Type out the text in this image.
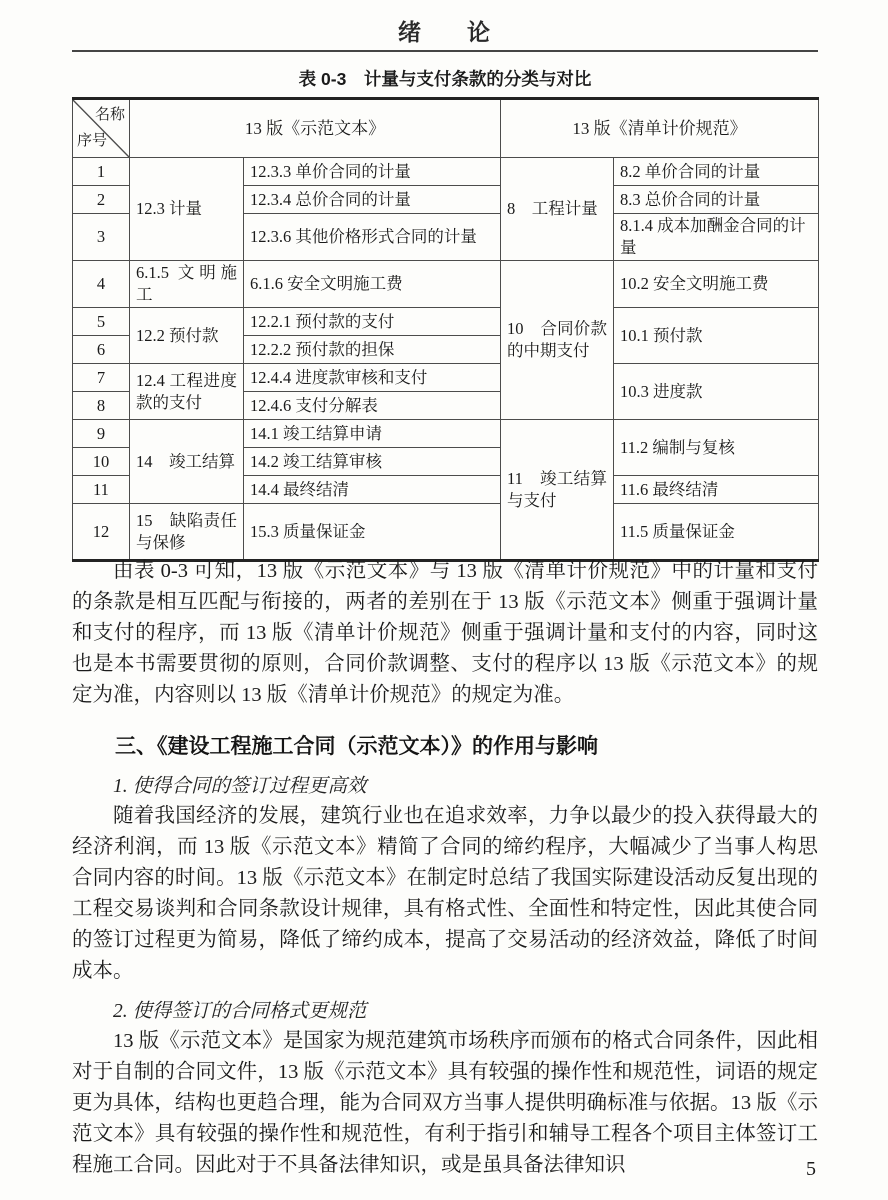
绪　　论
表 0-3　计量与支付条款的分类与对比
名称
序号	13 版《示范文本》		13 版《清单计价规范》	
1	12.3 计量	12.3.3 单价合同的计量	8　工程计量	8.2 单价合同的计量
2		12.3.4 总价合同的计量		8.3 总价合同的计量
3		12.3.6 其他价格形式合同的计量		8.1.4 成本加酬金合同的计量
4	6.1.5 文明施工	6.1.6 安全文明施工费	10　合同价款的中期支付	10.2 安全文明施工费
5	12.2 预付款	12.2.1 预付款的支付		10.1 预付款
6		12.2.2 预付款的担保		
7	12.4 工程进度款的支付	12.4.4 进度款审核和支付		10.3 进度款
8		12.4.6 支付分解表		
9	14　竣工结算	14.1 竣工结算申请	11　竣工结算与支付	11.2 编制与复核
10		14.2 竣工结算审核		
11		14.4 最终结清		11.6 最终结清
12	15　缺陷责任与保修	15.3 质量保证金		11.5 质量保证金

由表 0-3 可知，13 版《示范文本》与 13 版《清单计价规范》中的计量和支付的条款是相互匹配与衔接的，两者的差别在于 13 版《示范文本》侧重于强调计量和支付的程序，而 13 版《清单计价规范》侧重于强调计量和支付的内容，同时这也是本书需要贯彻的原则，合同价款调整、支付的程序以 13 版《示范文本》的规定为准，内容则以 13 版《清单计价规范》的规定为准。

三、《建设工程施工合同（示范文本）》的作用与影响
1. 使得合同的签订过程更高效

随着我国经济的发展，建筑行业也在追求效率，力争以最少的投入获得最大的经济利润，而 13 版《示范文本》精简了合同的缔约程序，大幅减少了当事人构思合同内容的时间。13 版《示范文本》在制定时总结了我国实际建设活动反复出现的工程交易谈判和合同条款设计规律，具有格式性、全面性和特定性，因此其使合同的签订过程更为简易，降低了缔约成本，提高了交易活动的经济效益，降低了时间成本。

2. 使得签订的合同格式更规范

13 版《示范文本》是国家为规范建筑市场秩序而颁布的格式合同条件，因此相对于自制的合同文件，13 版《示范文本》具有较强的操作性和规范性，词语的规定更为具体，结构也更趋合理，能为合同双方当事人提供明确标准与依据。13 版《示范文本》具有较强的操作性和规范性，有利于指引和辅导工程各个项目主体签订工程施工合同。因此对于不具备法律知识，或是虽具备法律知识	5
